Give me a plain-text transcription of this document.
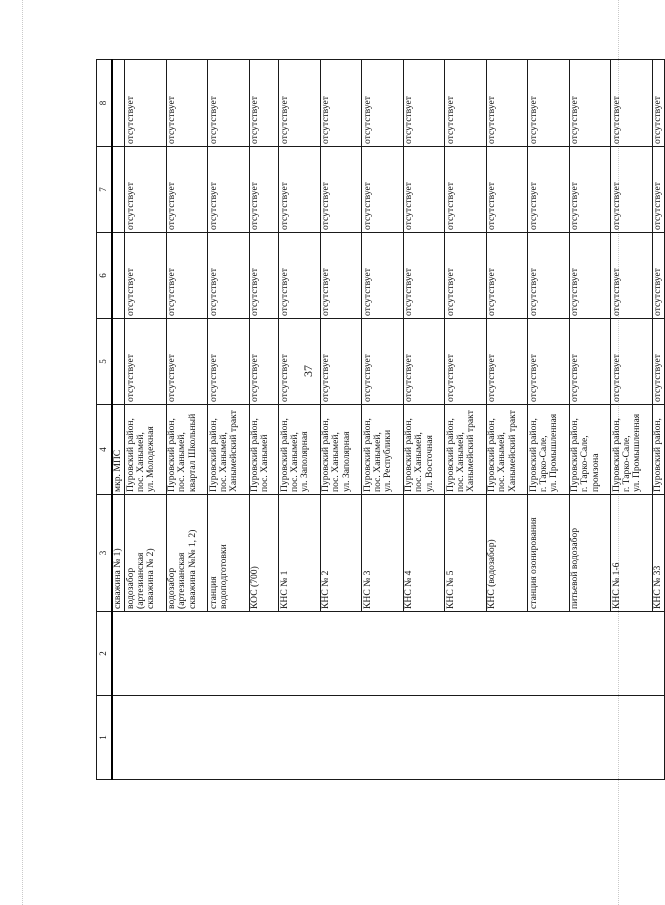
37
1	2	3	4	5	6	7	8
		скважина № 1)	мкр. МПС				
		водозабор
(артезианская
скважина № 2)	Пуровский район,
пос. Ханымей,
ул. Молодежная	отсутствует	отсутствует	отсутствует	отсутствует
		водозабор
(артезианская
скважина №№ 1, 2)	Пуровский район,
пос. Ханымей,
квартал Школьный	отсутствует	отсутствует	отсутствует	отсутствует
		станция
водоподготовки	Пуровский район,
пос. Ханымей,
Ханымейский тракт	отсутствует	отсутствует	отсутствует	отсутствует
		КОС (700)	Пуровский район,
пос. Ханымей	отсутствует	отсутствует	отсутствует	отсутствует
		КНС № 1	Пуровский район,
пос. Ханымей,
ул. Заполярная	отсутствует	отсутствует	отсутствует	отсутствует
		КНС № 2	Пуровский район,
пос. Ханымей,
ул. Заполярная	отсутствует	отсутствует	отсутствует	отсутствует
		КНС № 3	Пуровский район,
пос. Ханымей,
ул. Республики	отсутствует	отсутствует	отсутствует	отсутствует
		КНС № 4	Пуровский район,
пос. Ханымей,
ул. Восточная	отсутствует	отсутствует	отсутствует	отсутствует
		КНС № 5	Пуровский район,
пос. Ханымей,
Ханымейский тракт	отсутствует	отсутствует	отсутствует	отсутствует
		КНС (водозабор)	Пуровский район,
пос. Ханымей,
Ханымейский тракт	отсутствует	отсутствует	отсутствует	отсутствует
		станция озонирования	Пуровский район,
г. Тарко-Сале,
ул. Промышленная	отсутствует	отсутствует	отсутствует	отсутствует
		питьевой водозабор	Пуровский район,
г. Тарко-Сале,
промзона	отсутствует	отсутствует	отсутствует	отсутствует
		КНС № 1-6	Пуровский район,
г. Тарко-Сале,
ул. Промышленная	отсутствует	отсутствует	отсутствует	отсутствует
		КНС № 33	Пуровский район,	отсутствует	отсутствует	отсутствует	отсутствует
